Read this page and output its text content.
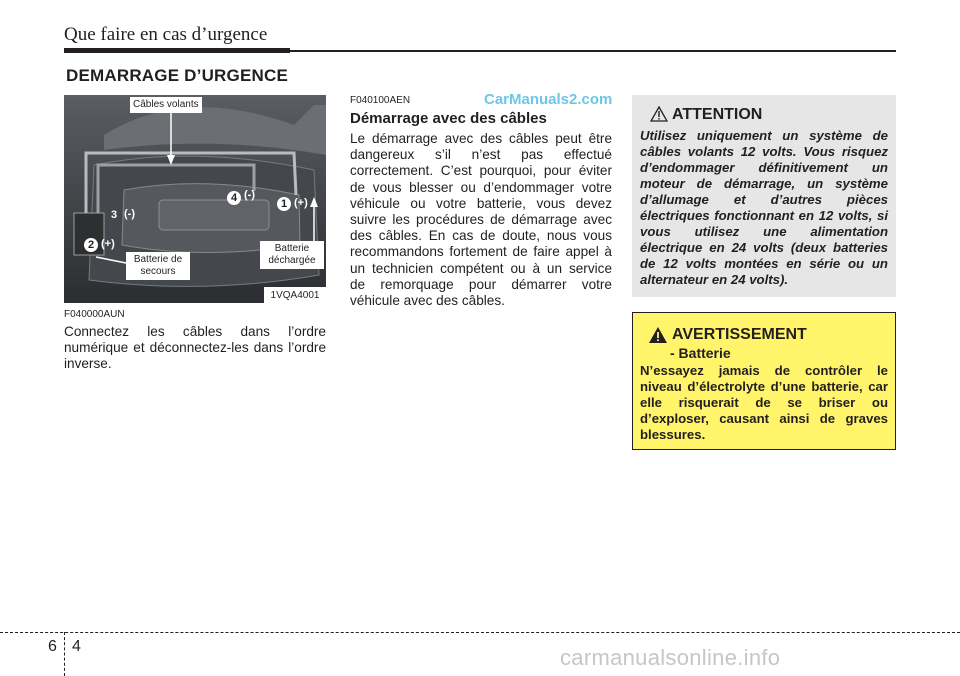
Que faire en cas d’urgence
DEMARRAGE D’URGENCE
Câbles volants
Batterie de
secours
Batterie
déchargée
1 (+)
2 (+)
3 (-)
4 (-)
1VQA4001
F040000AUN
Connectez les câbles dans l’ordre numérique et déconnectez-les dans l’ordre inverse.
F040100AEN	CarManuals2.com
Démarrage avec des câbles
Le démarrage avec des câbles peut être dangereux s’il n’est pas effectué correctement. C’est pourquoi, pour éviter de vous blesser ou d’endommager votre véhicule ou votre batterie, vous devez suivre les procédures de démarrage avec des câbles. En cas de doute, nous vous recommandons fortement de faire appel à un technicien compétent ou à un service de remorquage pour démarrer votre véhicule avec des câbles.
ATTENTION
Utilisez uniquement un système de câbles volants 12 volts. Vous risquez d’endommager définitivement un moteur de démarrage, un système d’allumage et d’autres pièces électriques fonctionnant en 12 volts, si vous utilisez une alimentation électrique en 24 volts (deux batteries de 12 volts montées en série ou un alternateur en 24 volts).
AVERTISSEMENT
- Batterie
N’essayez jamais de contrôler le niveau d’électrolyte d’une batterie, car elle risquerait de se briser ou d’exploser, causant ainsi de graves blessures.
6 4	carmanualsonline.info
